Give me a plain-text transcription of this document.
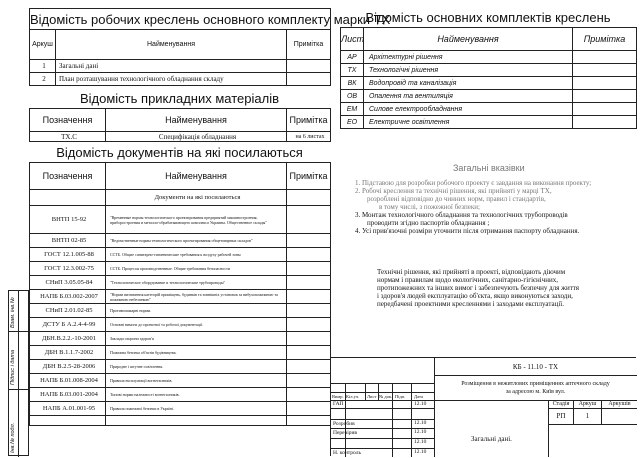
Відомість робочих креслень основного комплекту марки ТХ		
Аркуш	Найменування	Примітка
1	Загальні дані	
2	План розташування технологічного обладнання складу	
Відомість прикладних матеріалів
Позначення	Найменування	Примітка
ТХ.С	Специфікація обладнання	на 6 листах
Відомість документів на які посилаються
Позначення	Найменування	Примітка
	Документи на які посилаються	
ВНТП 15-92	"Временные нормы технологического проектирования предприятий машиностроения, приборостроения и металло-обрабатывающего комплекса Украины. Общественное склады"	
ВНТП 02-85	"Ведомственные нормы технологического проектирования общетоварных складов"	
ГОСТ 12.1.005-88	ССТБ. Общие санитарно-гигиенические требования к воздуху рабочей зоны	
ГОСТ 12.3.002-75	ССТБ. Процессы производственные. Общие требования безопасности	
СНиП 3.05.05-84	"Технологическое оборудование и технологические трубопроводы"	
НАПБ Б.03.002-2007	"Норми визначення категорій приміщень, будинків та зовнішніх установок за вибухопожежною та пожежною небезпекою"	
СНиП 2.01.02-85	Противопожарні норми.	
ДСТУ Б А.2.4-4-99	Основні вимоги до проектної та робочої документації.	
ДБН.В.2.2.-10-2001	Заклади охорони здоров'я	
ДБН В.1.1.7-2002	Пожежна безпека об'єктів будівництва.	
ДБН В.2.5-28-2006	Природне і штучне освітлення.	
НАПБ Б.01.008-2004	Правила експлуатації вогнегасників.	
НАПБ Б.03.001-2004	Типові норми належності вогнегасників.	
НАПБ А.01.001-95	Правила пожежної безпеки в Україні.	

Взам. інв.№
Підпис і дата
Інв.№ подл.
Відомість основних комплектів креслень
Лист	Найменування	Примітка
АР	Архітектурні рішення	
ТХ	Технологічні рішення	
ВК	Водопровід та каналізація	
ОВ	Опалення та вентиляція	
ЕМ	Силове електрообладнання	
ЕО	Електричне освітлення	
Загальні вказівки

1. Підставою для розробки робочого проекту є завдання на виконання проекту;

2. Робочі креслення та технічні рішення, які прийняті у марці ТХ,

розроблені відповідно до чинних норм, правил і стандартів,

в тому числі, з пожежної безпеки;

3. Монтаж технологічного обладнання та технологічних трубопроводів

проводити згідно паспортів обладнання ;

4. Усі прив'язочні розміри уточнити після отримання паспорту обладнання.

Технічні рішення, які прийняті в проекті, відповідають діючим

нормам і правилам щодо екологічних, санітарно-гігієнічних,

протипожежних та інших вимог і забезпечують безпечну для життя

і здоров'я людей експлуатацію об'єкта, якщо виконуються заходи,

передбачені проектними кресленнями і заходами експлуатації.

Вимр. Кіл.уч. Лист № док. Підп. Дата
ГАП	12.10
Розробив	12.10
Перевірив	12.10
12.10
Н. контроль	12.10
КБ - 11.10 - ТХ
Розміщення в нежитлових приміщеннях аптечного складу
за адресою м. Київ вул.
Стадія	Аркуш	Аркушів
РП	1
Загальні дані.
